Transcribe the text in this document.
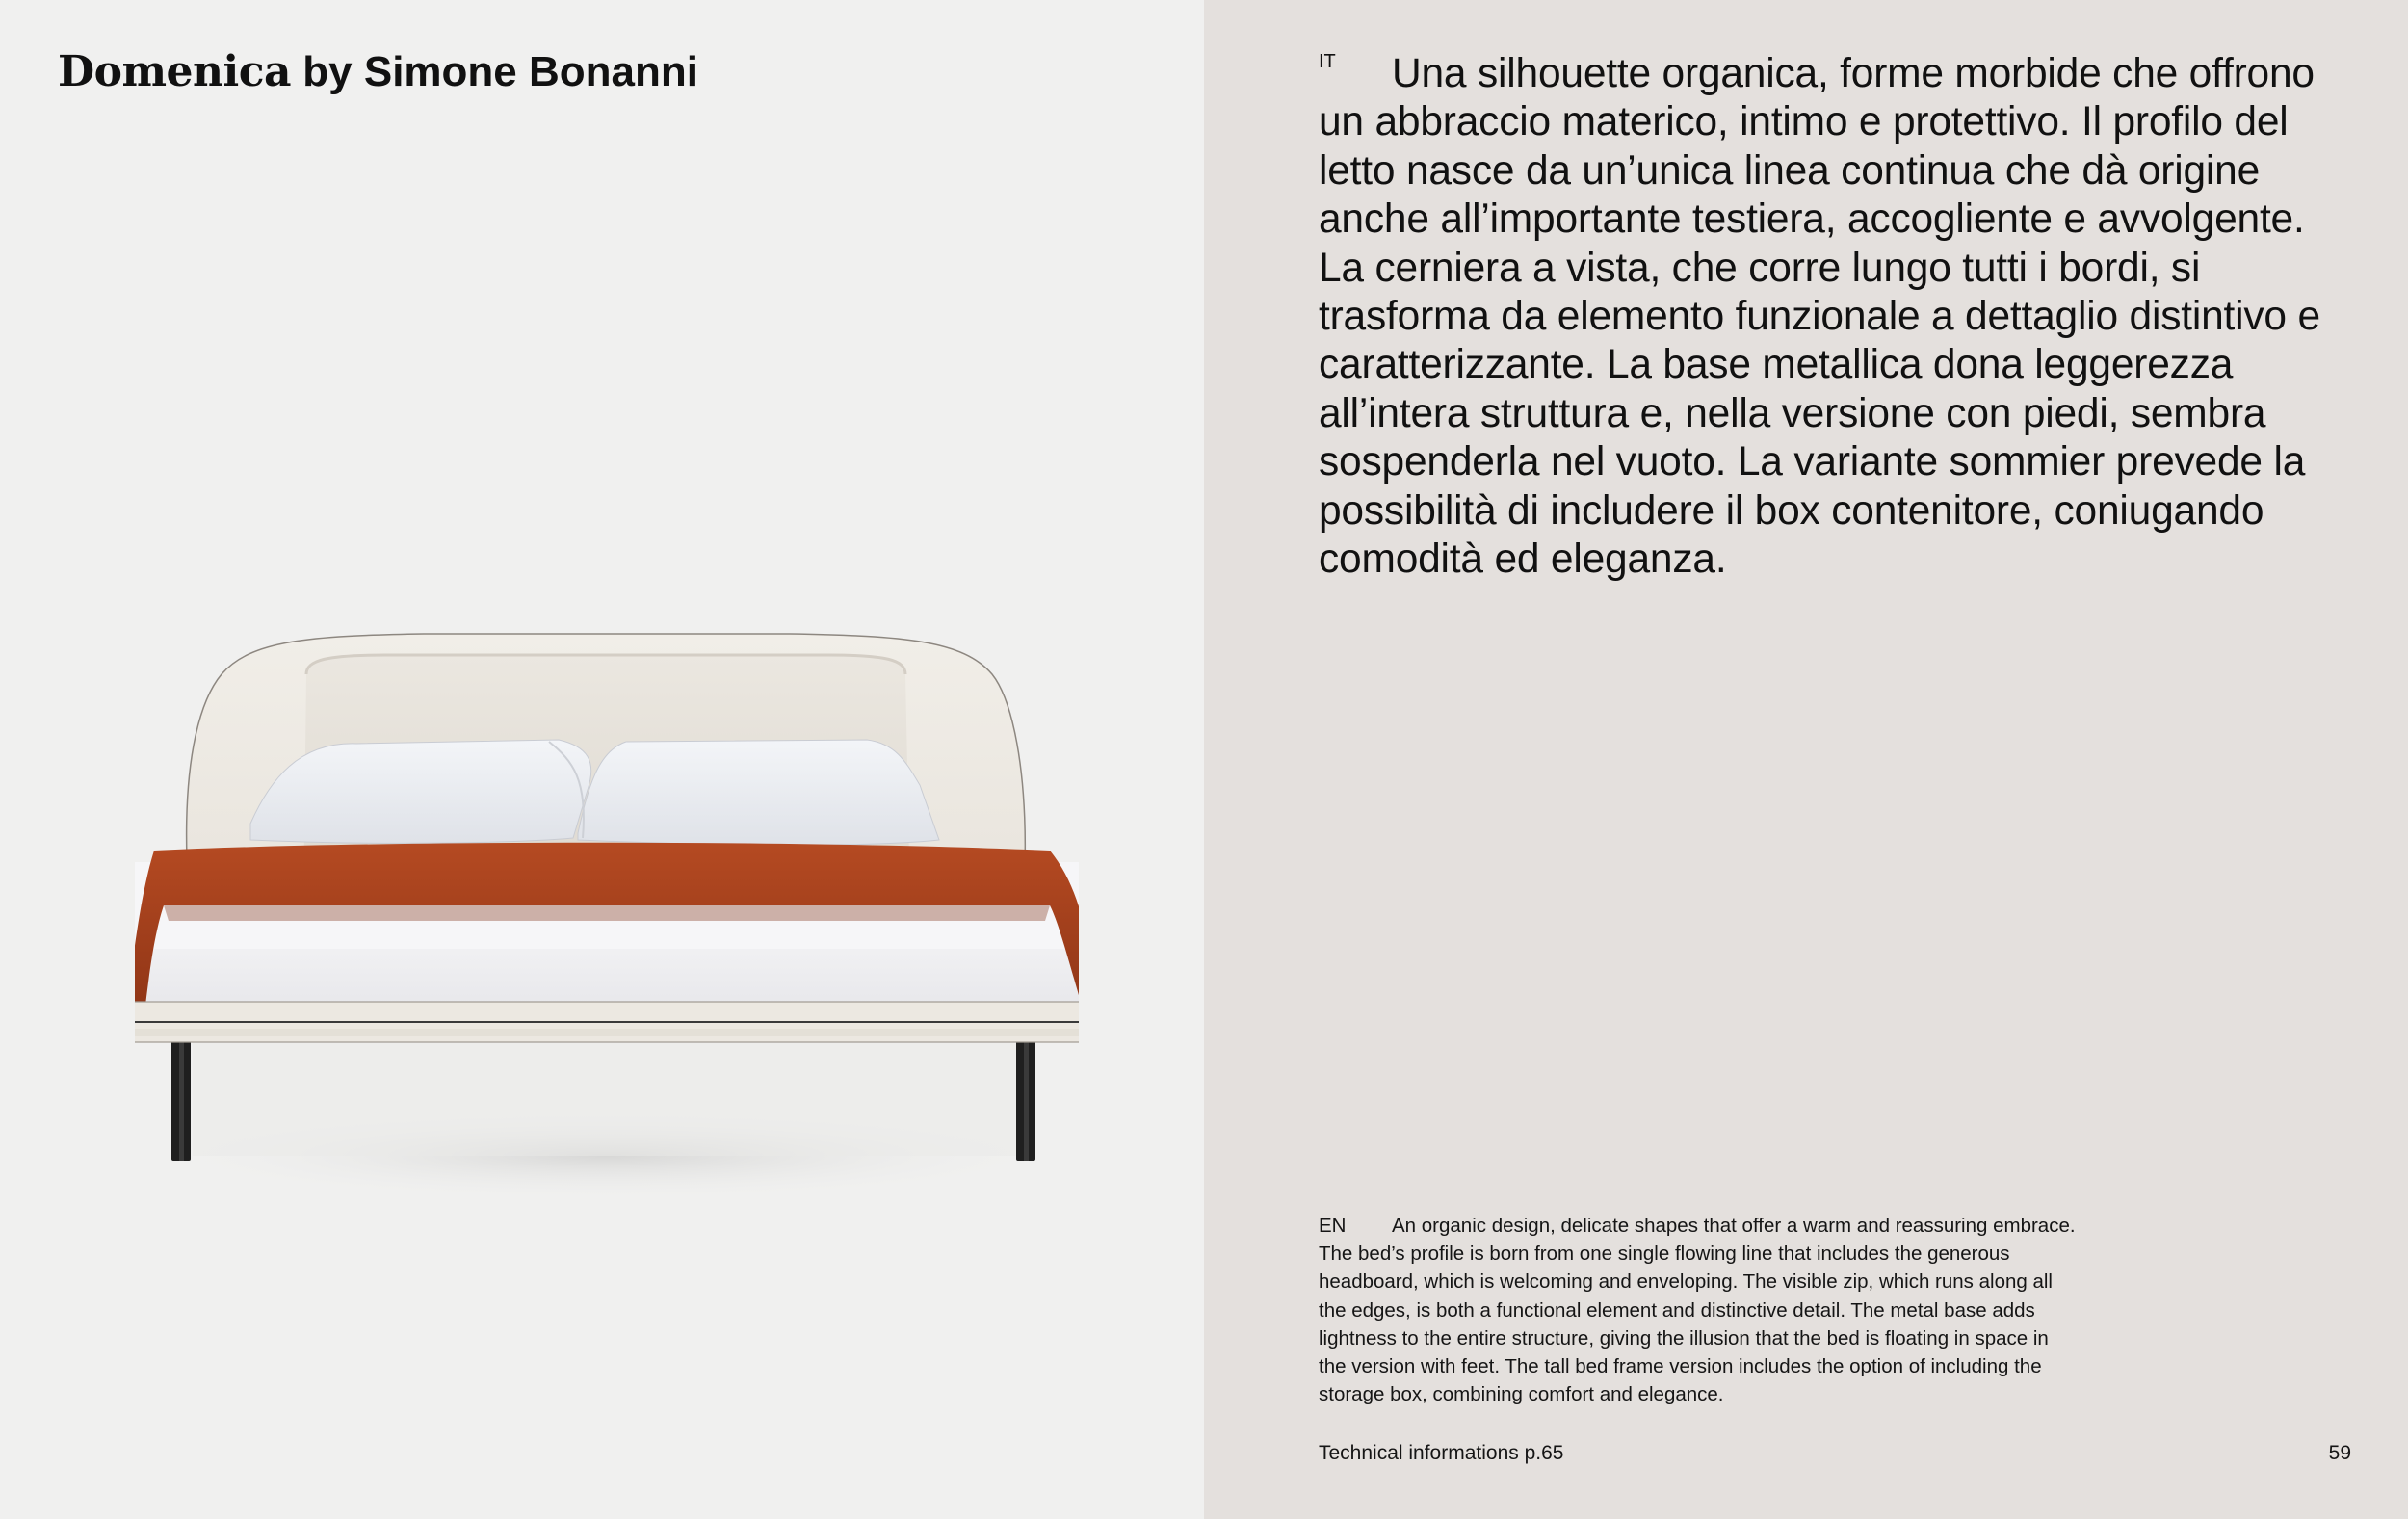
Domenica by Simone Bonanni	IT	Una silhouette organica, forme morbide che offrono un abbraccio materico, intimo e protettivo. Il profilo del letto nasce da un’unica linea continua che dà origine anche all’importante testiera, accogliente e avvolgente. La cerniera a vista, che corre lungo tutti i bordi, si trasforma da elemento funzionale a dettaglio distintivo e caratterizzante. La base metallica dona leggerezza all’intera struttura e, nella versione con piedi, sembra sospenderla nel vuoto. La variante sommier prevede la possibilità di includere il box contenitore, coniugando comodità ed eleganza.

EN	An organic design, delicate shapes that offer a warm and reassuring embrace. The bed’s profile is born from one single flowing line that includes the generous headboard, which is welcoming and enveloping. The visible zip, which runs along all the edges, is both a functional element and distinctive detail. The metal base adds lightness to the entire structure, giving the illusion that the bed is floating in space in the version with feet. The tall bed frame version includes the option of including the storage box, combining comfort and elegance.

Technical informations p.65	59
